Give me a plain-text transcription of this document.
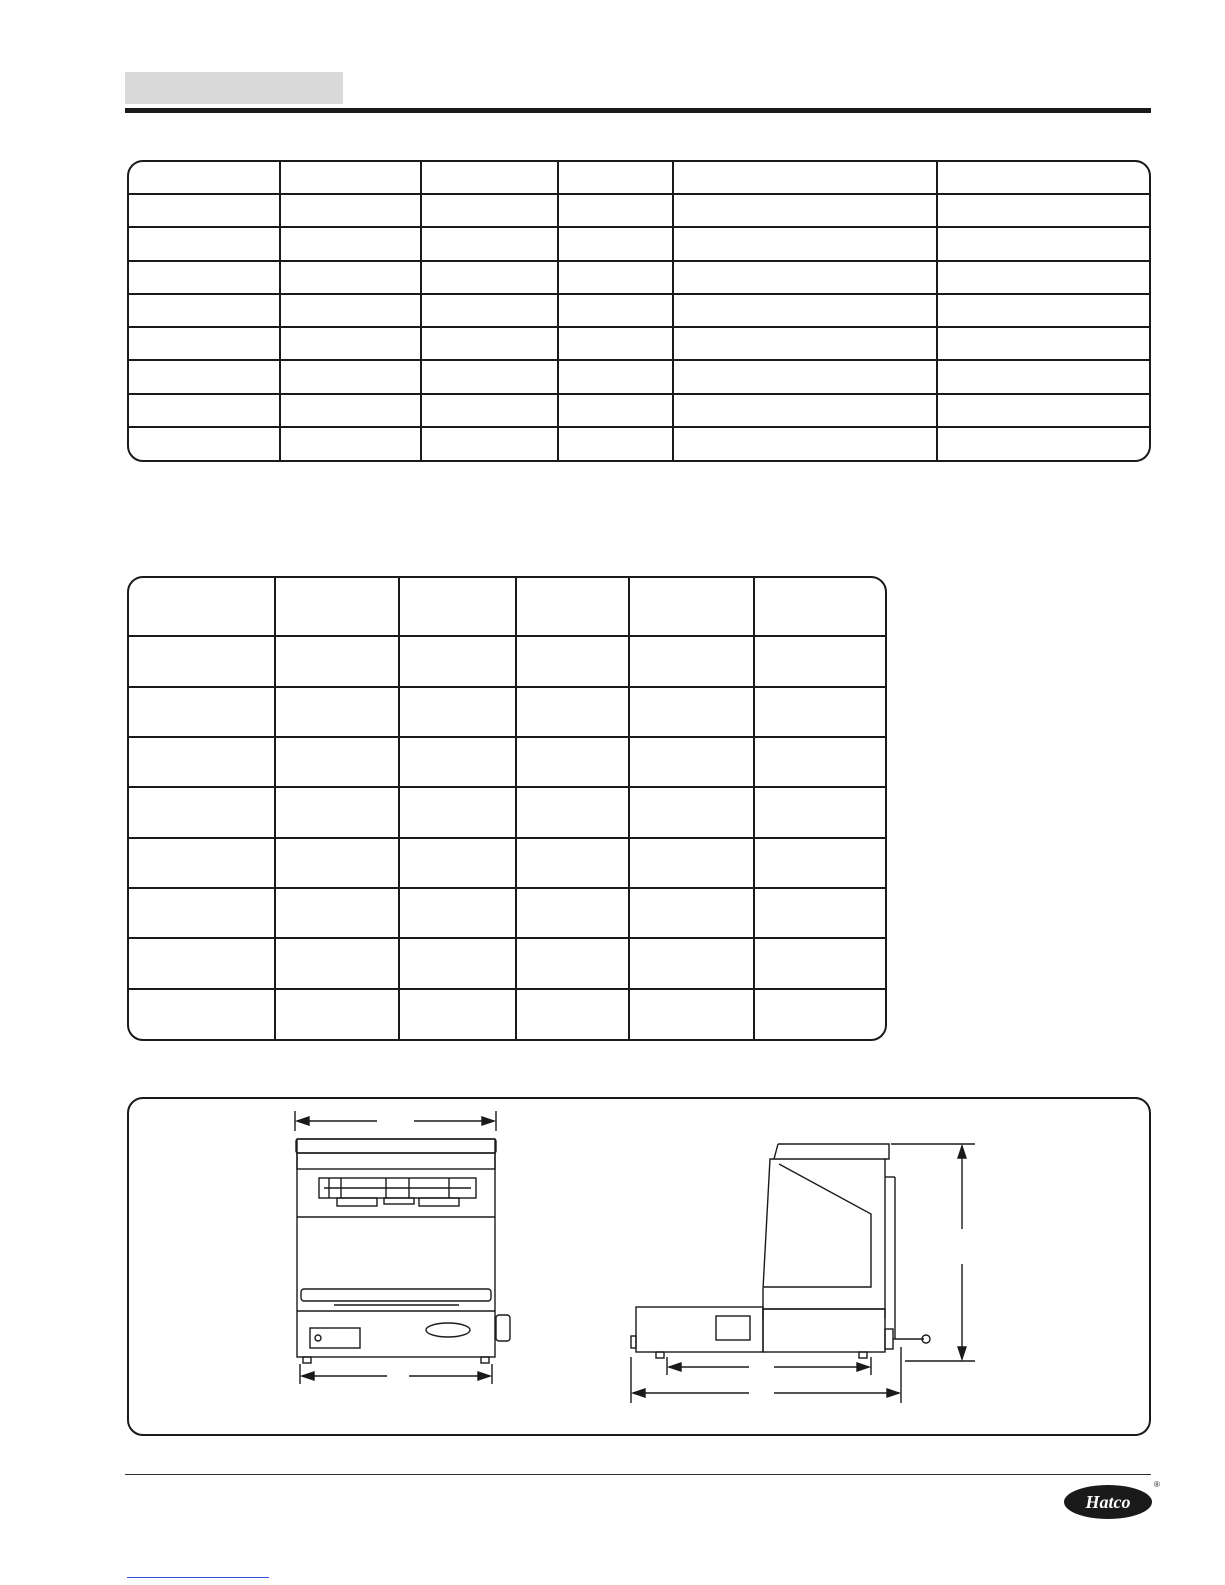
Hatco
®
